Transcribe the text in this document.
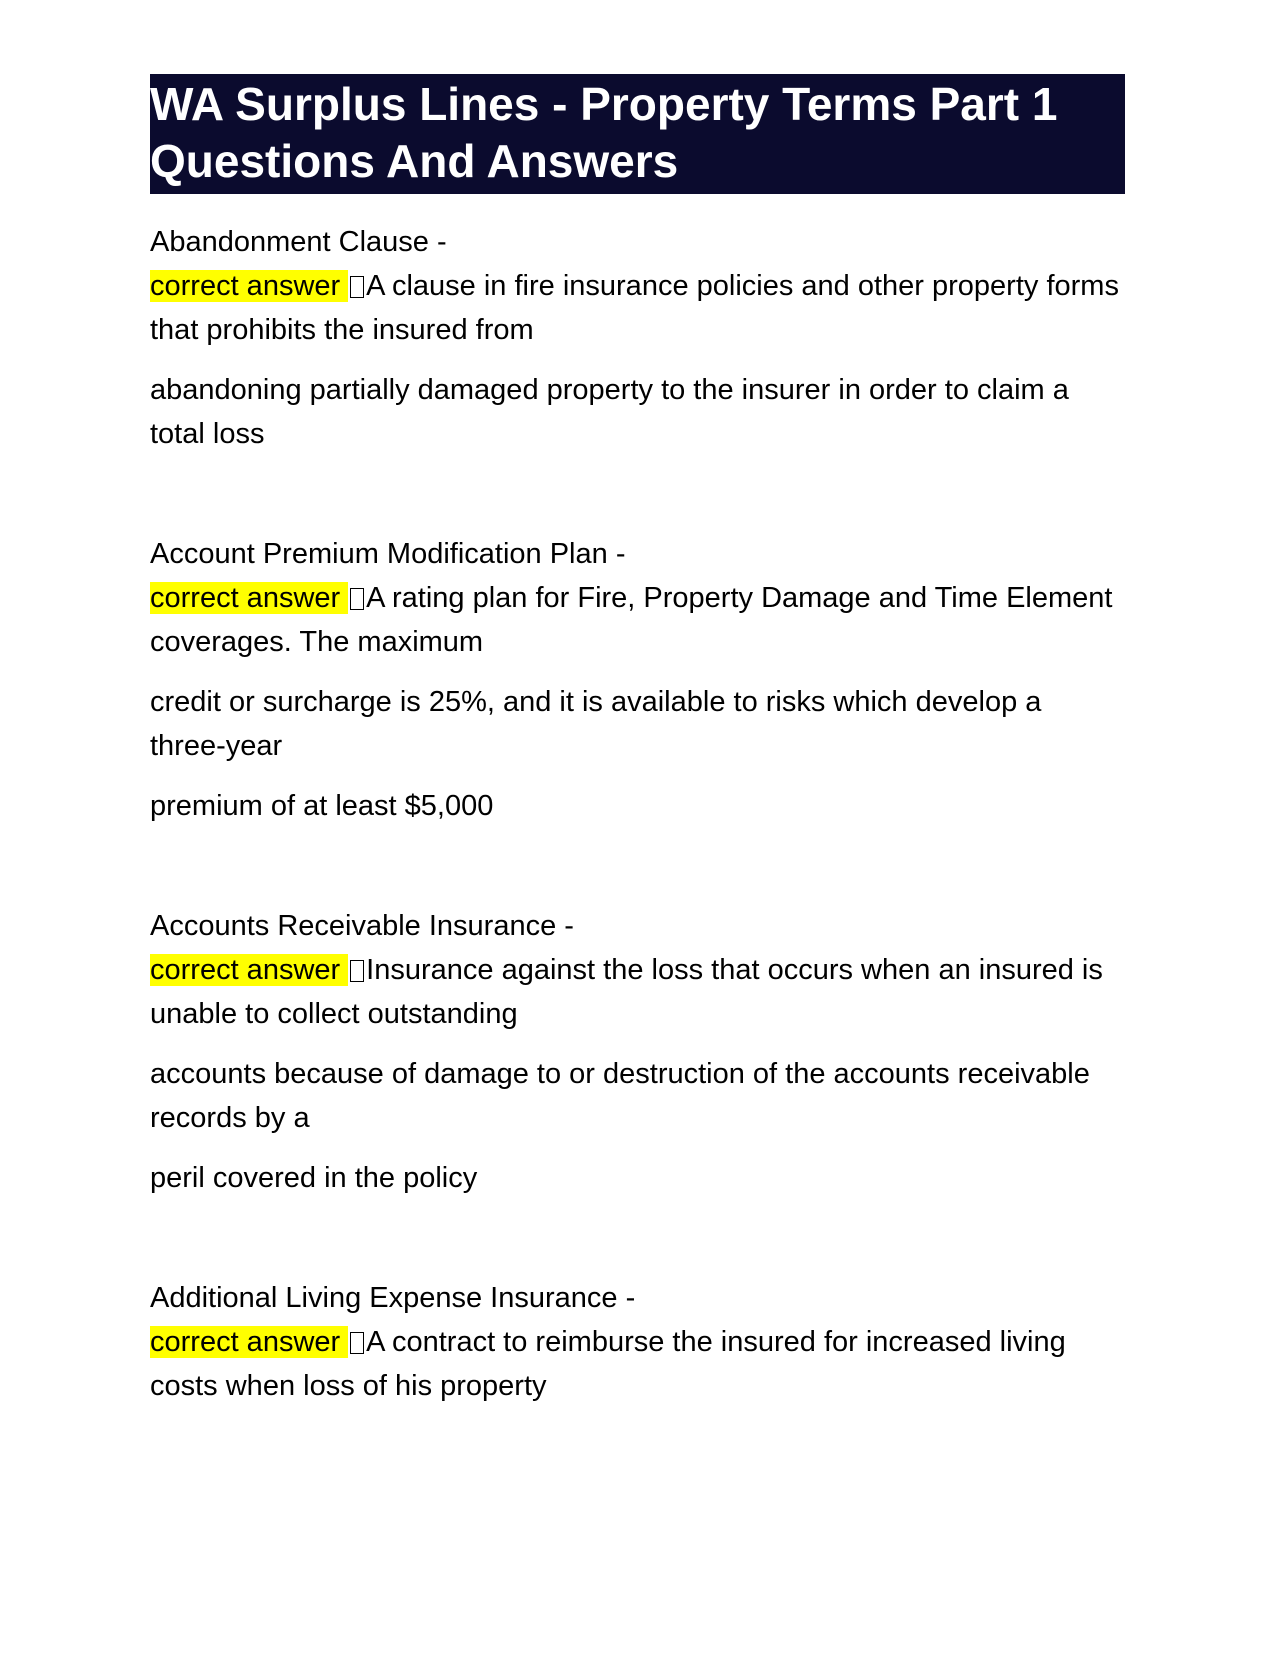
WA Surplus Lines - Property Terms Part 1 Questions And Answers
Abandonment Clause -
correct answer A clause in fire insurance policies and other property forms that prohibits the insured from
abandoning partially damaged property to the insurer in order to claim a total loss
Account Premium Modification Plan -
correct answer A rating plan for Fire, Property Damage and Time Element coverages. The maximum
credit or surcharge is 25%, and it is available to risks which develop a three-year
premium of at least $5,000
Accounts Receivable Insurance -
correct answer Insurance against the loss that occurs when an insured is unable to collect outstanding
accounts because of damage to or destruction of the accounts receivable records by a
peril covered in the policy
Additional Living Expense Insurance -
correct answer A contract to reimburse the insured for increased living costs when loss of his property
